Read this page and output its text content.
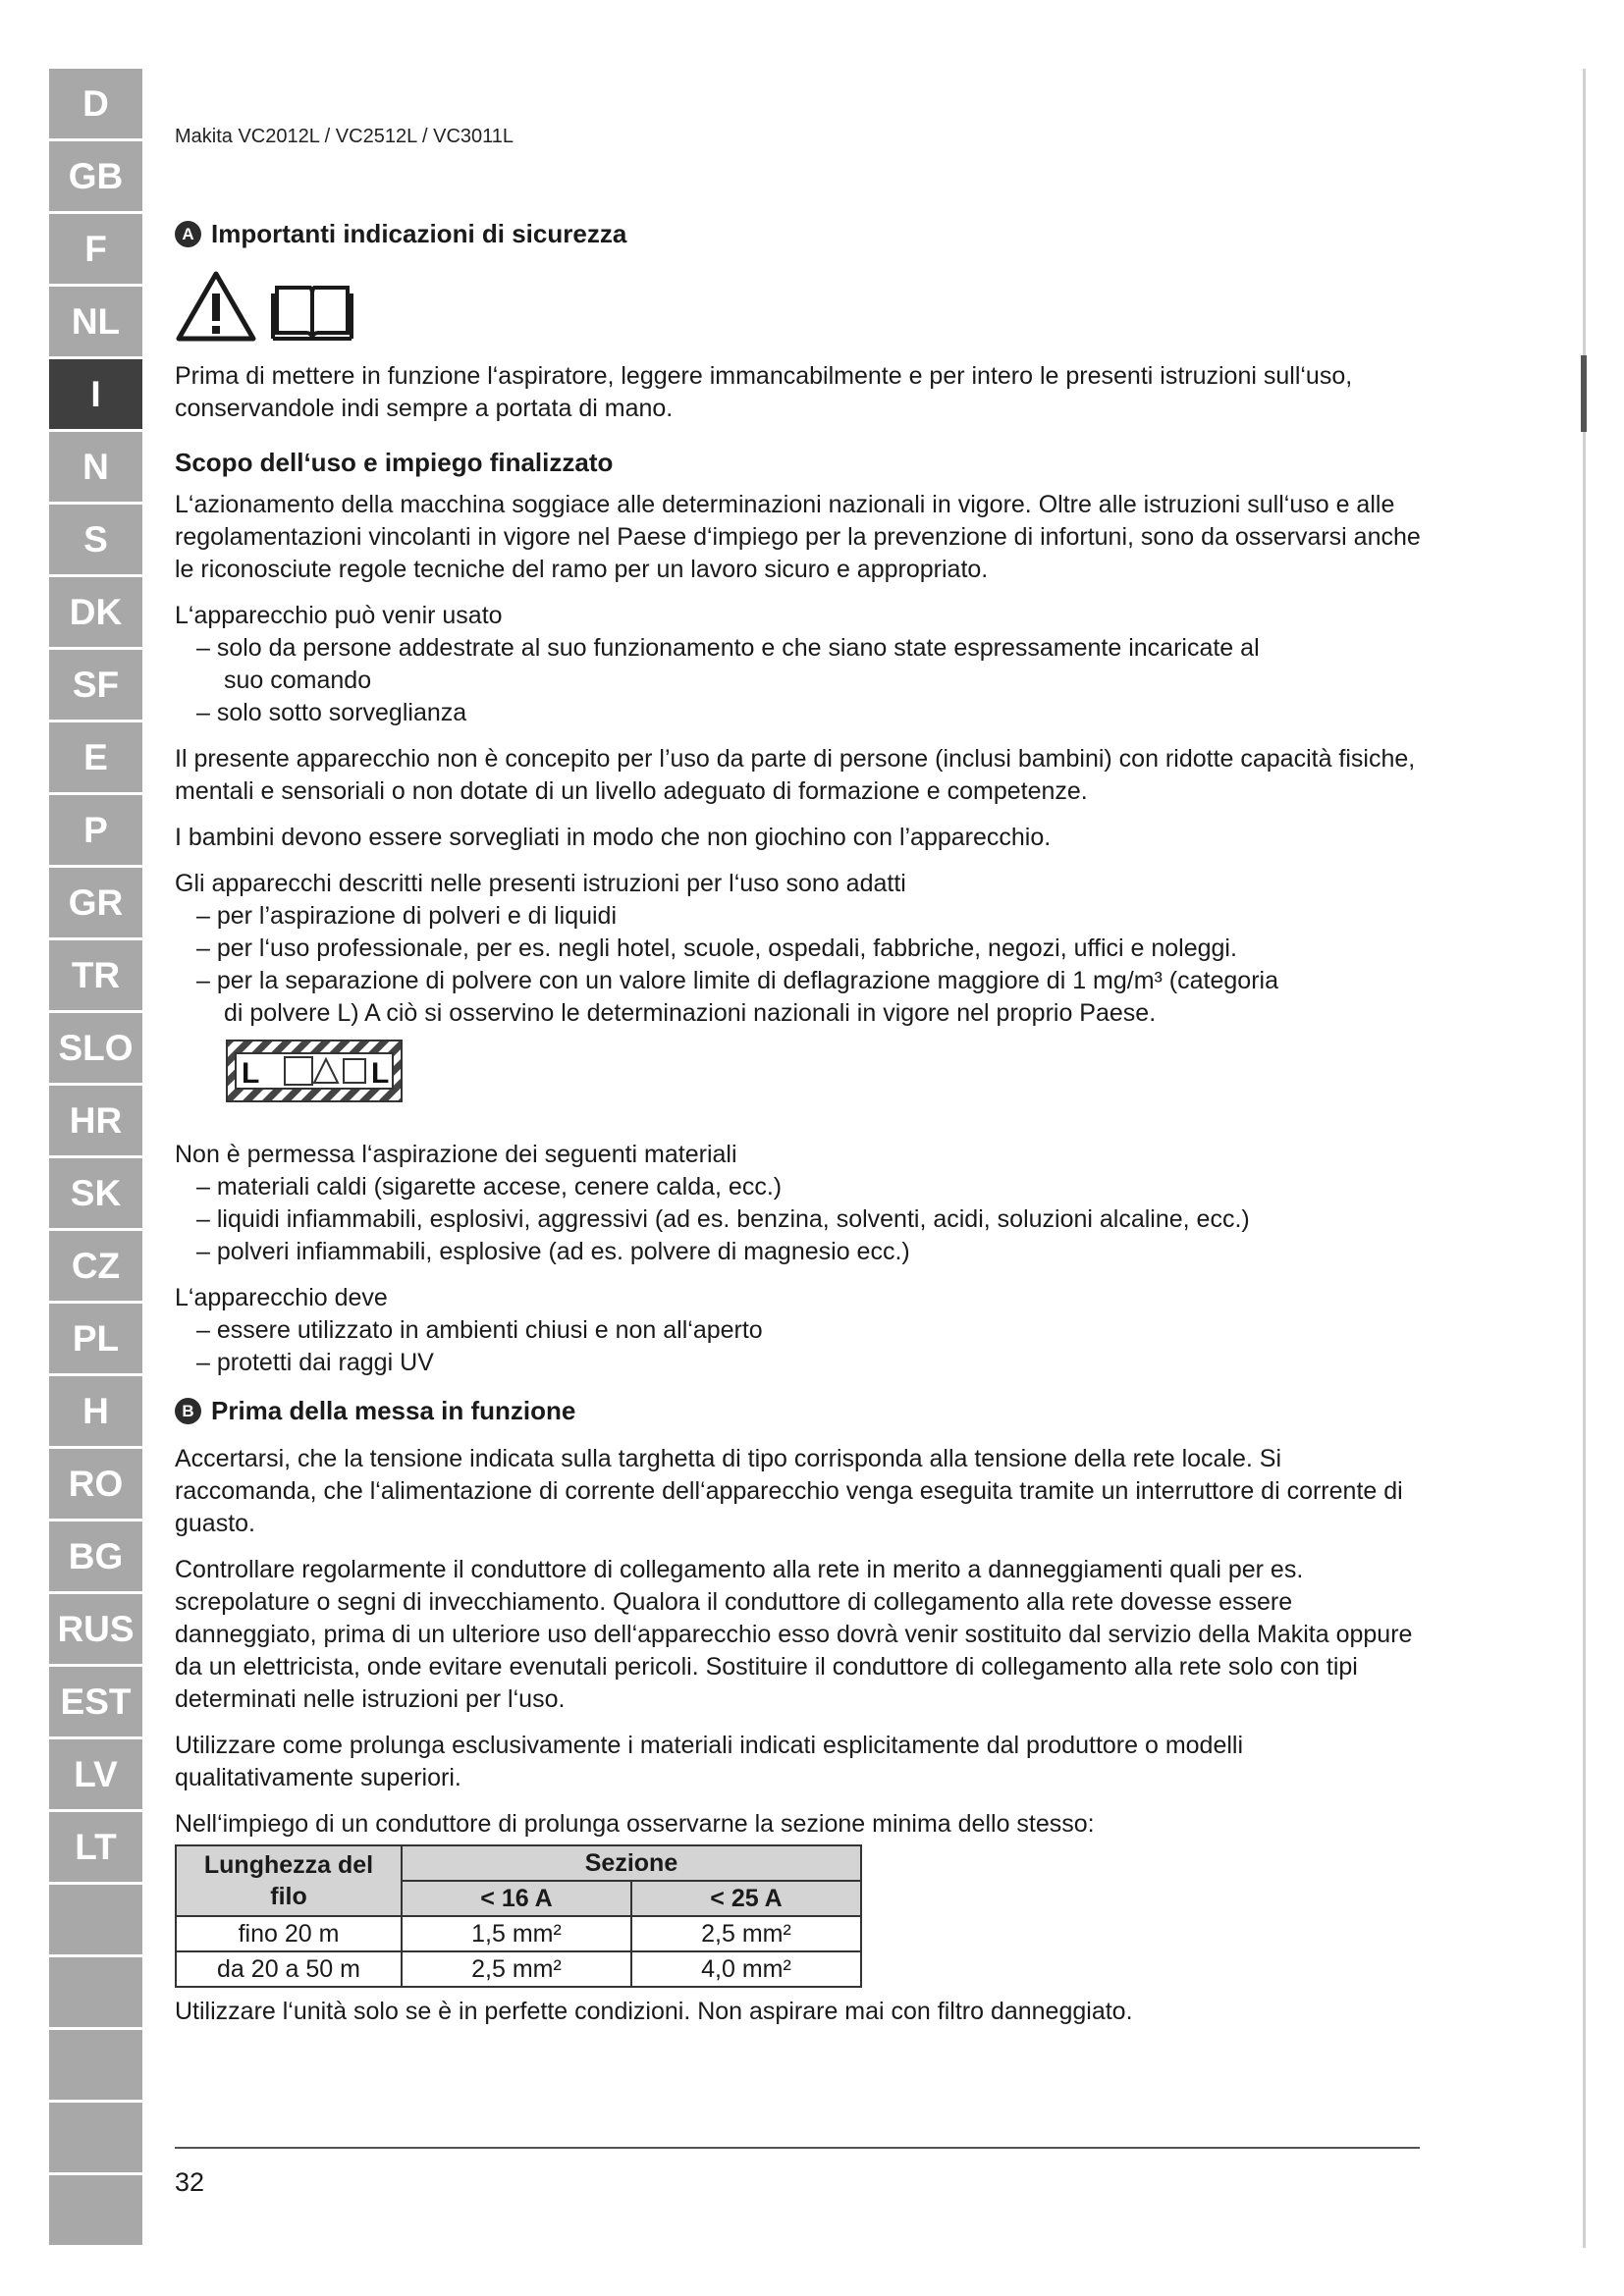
D
GB
F
NL
I
N
S
DK
SF
E
P
GR
TR
SLO
HR
SK
CZ
PL
H
RO
BG
RUS
EST
LV
LT
Makita VC2012L / VC2512L / VC3011L
A Importanti indicazioni di sicurezza

Prima di mettere in funzione l‘aspiratore, leggere immancabilmente e per intero le presenti istruzioni sull‘uso, conservandole indi sempre a portata di mano.

Scopo dell‘uso e impiego finalizzato

L‘azionamento della macchina soggiace alle determinazioni nazionali in vigore. Oltre alle istruzioni sull‘uso e alle regolamentazioni vincolanti in vigore nel Paese d‘impiego per la prevenzione di infortuni, sono da osservarsi anche le riconosciute regole tecniche del ramo per un lavoro sicuro e appropriato.

L‘apparecchio può venir usato

– solo da persone addestrate al suo funzionamento e che siano state espressamente incaricate al

suo comando

– solo sotto sorveglianza

Il presente apparecchio non è concepito per l’uso da parte di persone (inclusi bambini) con ridotte capacità fisiche, mentali e sensoriali o non dotate di un livello adeguato di formazione e competenze.

I bambini devono essere sorvegliati in modo che non giochino con l’apparecchio.

Gli apparecchi descritti nelle presenti istruzioni per l‘uso sono adatti

– per l’aspirazione di polveri e di liquidi

– per l‘uso professionale, per es. negli hotel, scuole, ospedali, fabbriche, negozi, uffici e noleggi.

– per la separazione di polvere con un valore limite di deflagrazione maggiore di 1 mg/m³ (categoria

di polvere L) A ciò si osservino le determinazioni nazionali in vigore nel proprio Paese.

L	L

Non è permessa l‘aspirazione dei seguenti materiali

– materiali caldi (sigarette accese, cenere calda, ecc.)

– liquidi infiammabili, esplosivi, aggressivi (ad es. benzina, solventi, acidi, soluzioni alcaline, ecc.)

– polveri infiammabili, esplosive (ad es. polvere di magnesio ecc.)

L‘apparecchio deve

– essere utilizzato in ambienti chiusi e non all‘aperto

– protetti dai raggi UV

B Prima della messa in funzione

Accertarsi, che la tensione indicata sulla targhetta di tipo corrisponda alla tensione della rete locale. Si raccomanda, che l‘alimentazione di corrente dell‘apparecchio venga eseguita tramite un interruttore di corrente di guasto.

Controllare regolarmente il conduttore di collegamento alla rete in merito a danneggiamenti quali per es. screpolature o segni di invecchiamento. Qualora il conduttore di collegamento alla rete dovesse essere danneggiato, prima di un ulteriore uso dell‘apparecchio esso dovrà venir sostituito dal servizio della Makita oppure da un elettricista, onde evitare evenutali pericoli. Sostituire il conduttore di collegamento alla rete solo con tipi determinati nelle istruzioni per l‘uso.

Utilizzare come prolunga esclusivamente i materiali indicati esplicitamente dal produttore o modelli qualitativamente superiori.

Nell‘impiego di un conduttore di prolunga osservarne la sezione minima dello stesso:

Lunghezza del filo	Sezione	
	< 16 A	< 25 A
fino 20 m	1,5 mm²	2,5 mm²
da 20 a 50 m	2,5 mm²	4,0 mm²

Utilizzare l‘unità solo se è in perfette condizioni. Non aspirare mai con filtro danneggiato.

32
